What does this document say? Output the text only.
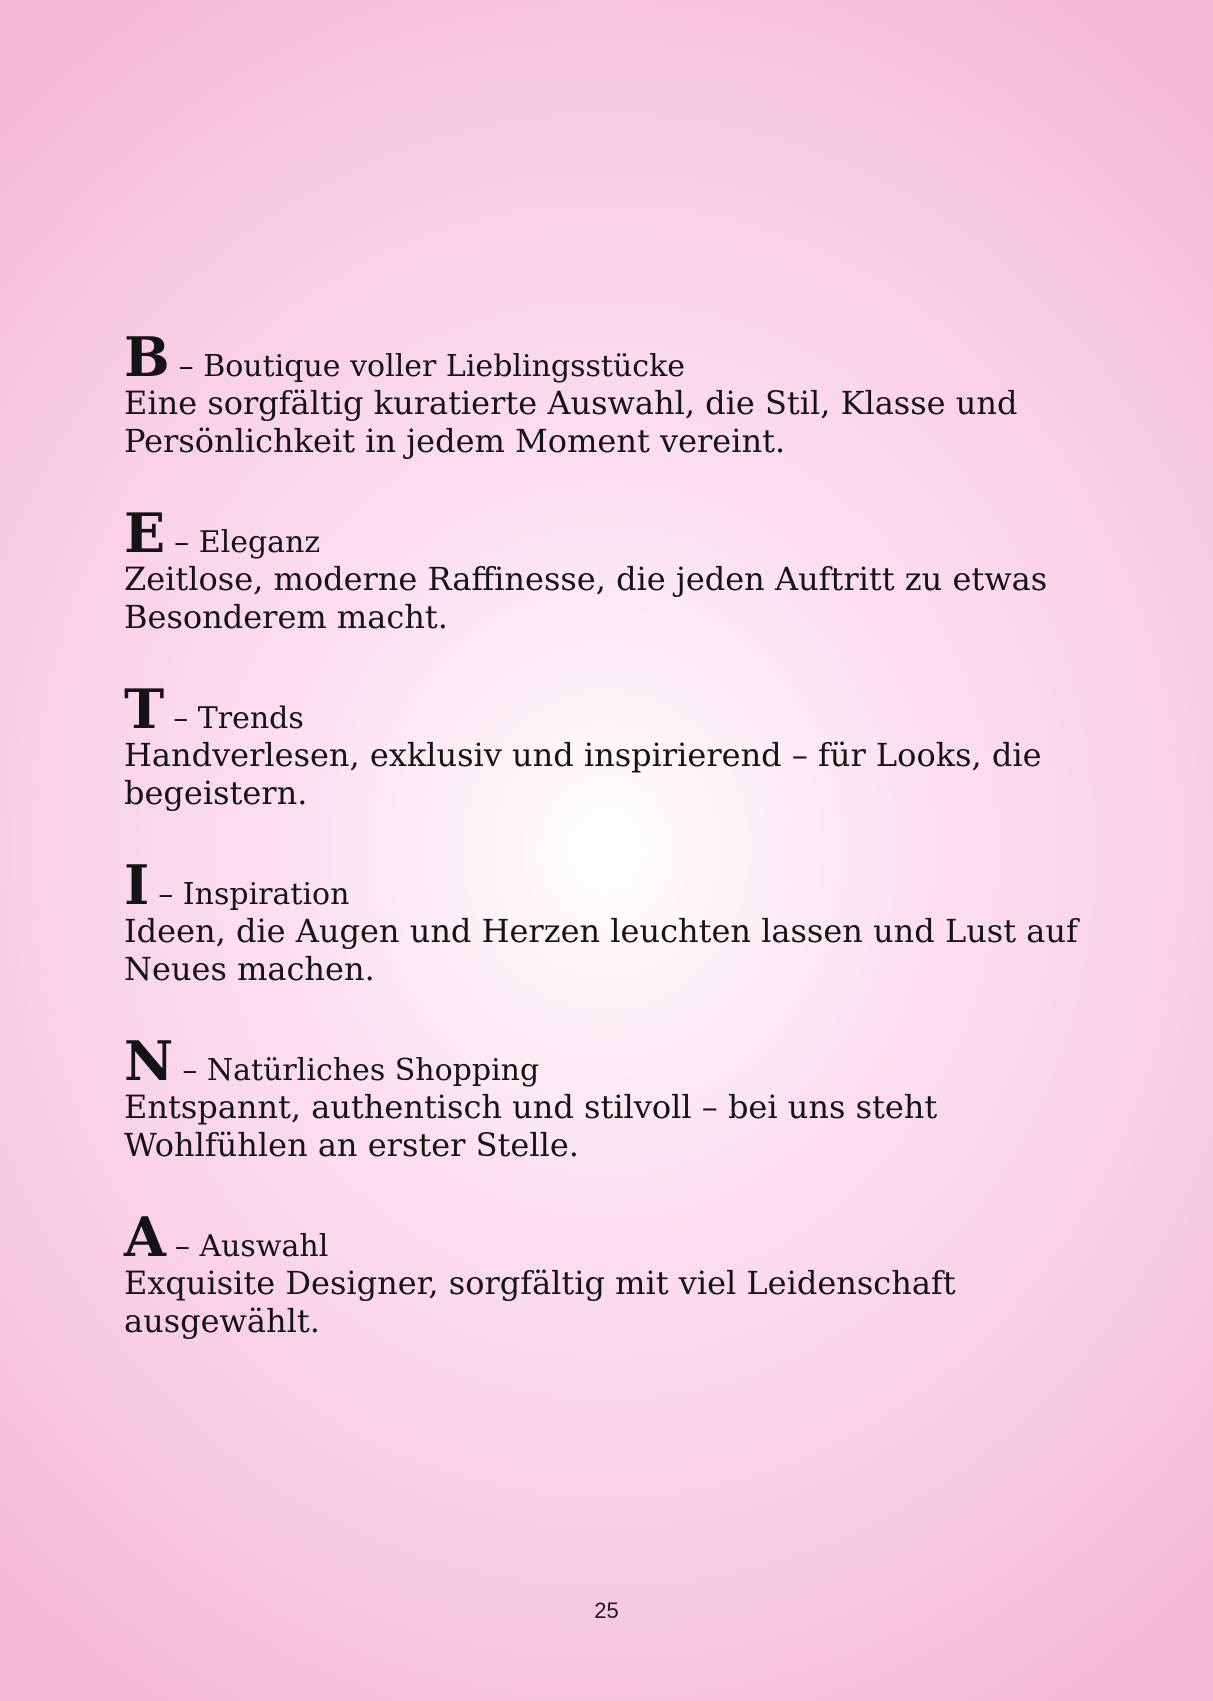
B – Boutique voller Lieblingsstücke
Eine sorgfältig kuratierte Auswahl, die Stil, Klasse und Persönlichkeit in jedem Moment vereint.
E – Eleganz
Zeitlose, moderne Raffinesse, die jeden Auftritt zu etwas Besonderem macht.
T – Trends
Handverlesen, exklusiv und inspirierend – für Looks, die begeistern.
I – Inspiration
Ideen, die Augen und Herzen leuchten lassen und Lust auf Neues machen.
N – Natürliches Shopping
Entspannt, authentisch und stilvoll – bei uns steht Wohlfühlen an erster Stelle.
A – Auswahl
Exquisite Designer, sorgfältig mit viel Leidenschaft ausgewählt.
25
